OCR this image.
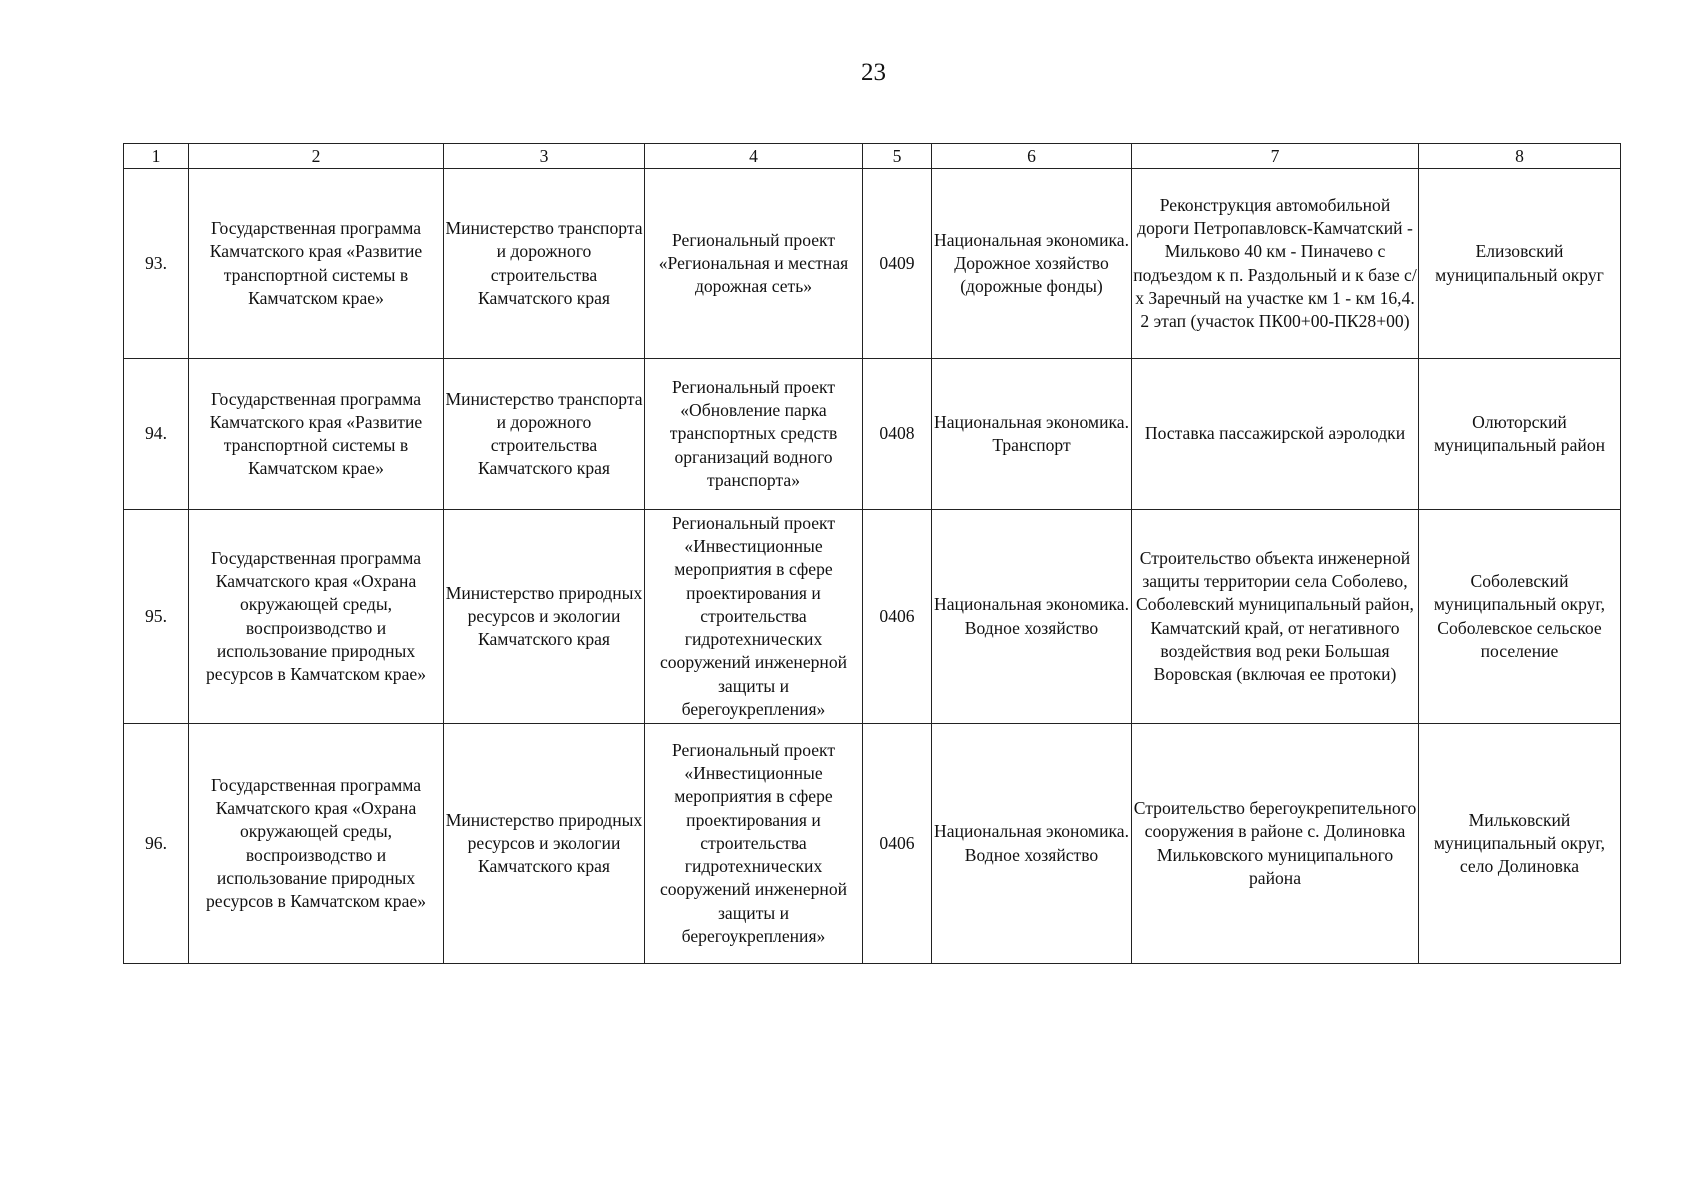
23
1	2	3	4	5	6	7	8
93.	Государственная программа Камчатского края «Развитие транспортной системы в Камчатском крае»	Министерство транспорта и дорожного строительства Камчатского края	Региональный проект «Региональная и местная дорожная сеть»	0409	Национальная экономика. Дорожное хозяйство (дорожные фонды)	Реконструкция автомобильной дороги Петропавловск-Камчатский - Мильково 40 км - Пиначево с подъездом к п. Раздольный и к базе с/х Заречный на участке км 1 - км 16,4. 2 этап (участок ПК00+00-ПК28+00)	Елизовский муниципальный округ
94.	Государственная программа Камчатского края «Развитие транспортной системы в Камчатском крае»	Министерство транспорта и дорожного строительства Камчатского края	Региональный проект «Обновление парка транспортных средств организаций водного транспорта»	0408	Национальная экономика. Транспорт	Поставка пассажирской аэролодки	Олюторский муниципальный район
95.	Государственная программа Камчатского края «Охрана окружающей среды, воспроизводство и использование природных ресурсов в Камчатском крае»	Министерство природных ресурсов и экологии Камчатского края	Региональный проект «Инвестиционные мероприятия в сфере проектирования и строительства гидротехнических сооружений инженерной защиты и берегоукрепления»	0406	Национальная экономика. Водное хозяйство	Строительство объекта инженерной защиты территории села Соболево, Соболевский муниципальный район, Камчатский край, от негативного воздействия вод реки Большая Воровская (включая ее протоки)	Соболевский муниципальный округ, Соболевское сельское поселение
96.	Государственная программа Камчатского края «Охрана окружающей среды, воспроизводство и использование природных ресурсов в Камчатском крае»	Министерство природных ресурсов и экологии Камчатского края	Региональный проект «Инвестиционные мероприятия в сфере проектирования и строительства гидротехнических сооружений инженерной защиты и берегоукрепления»	0406	Национальная экономика. Водное хозяйство	Строительство берегоукрепительного сооружения в районе с. Долиновка Мильковского муниципального района	Мильковский муниципальный округ, село Долиновка
